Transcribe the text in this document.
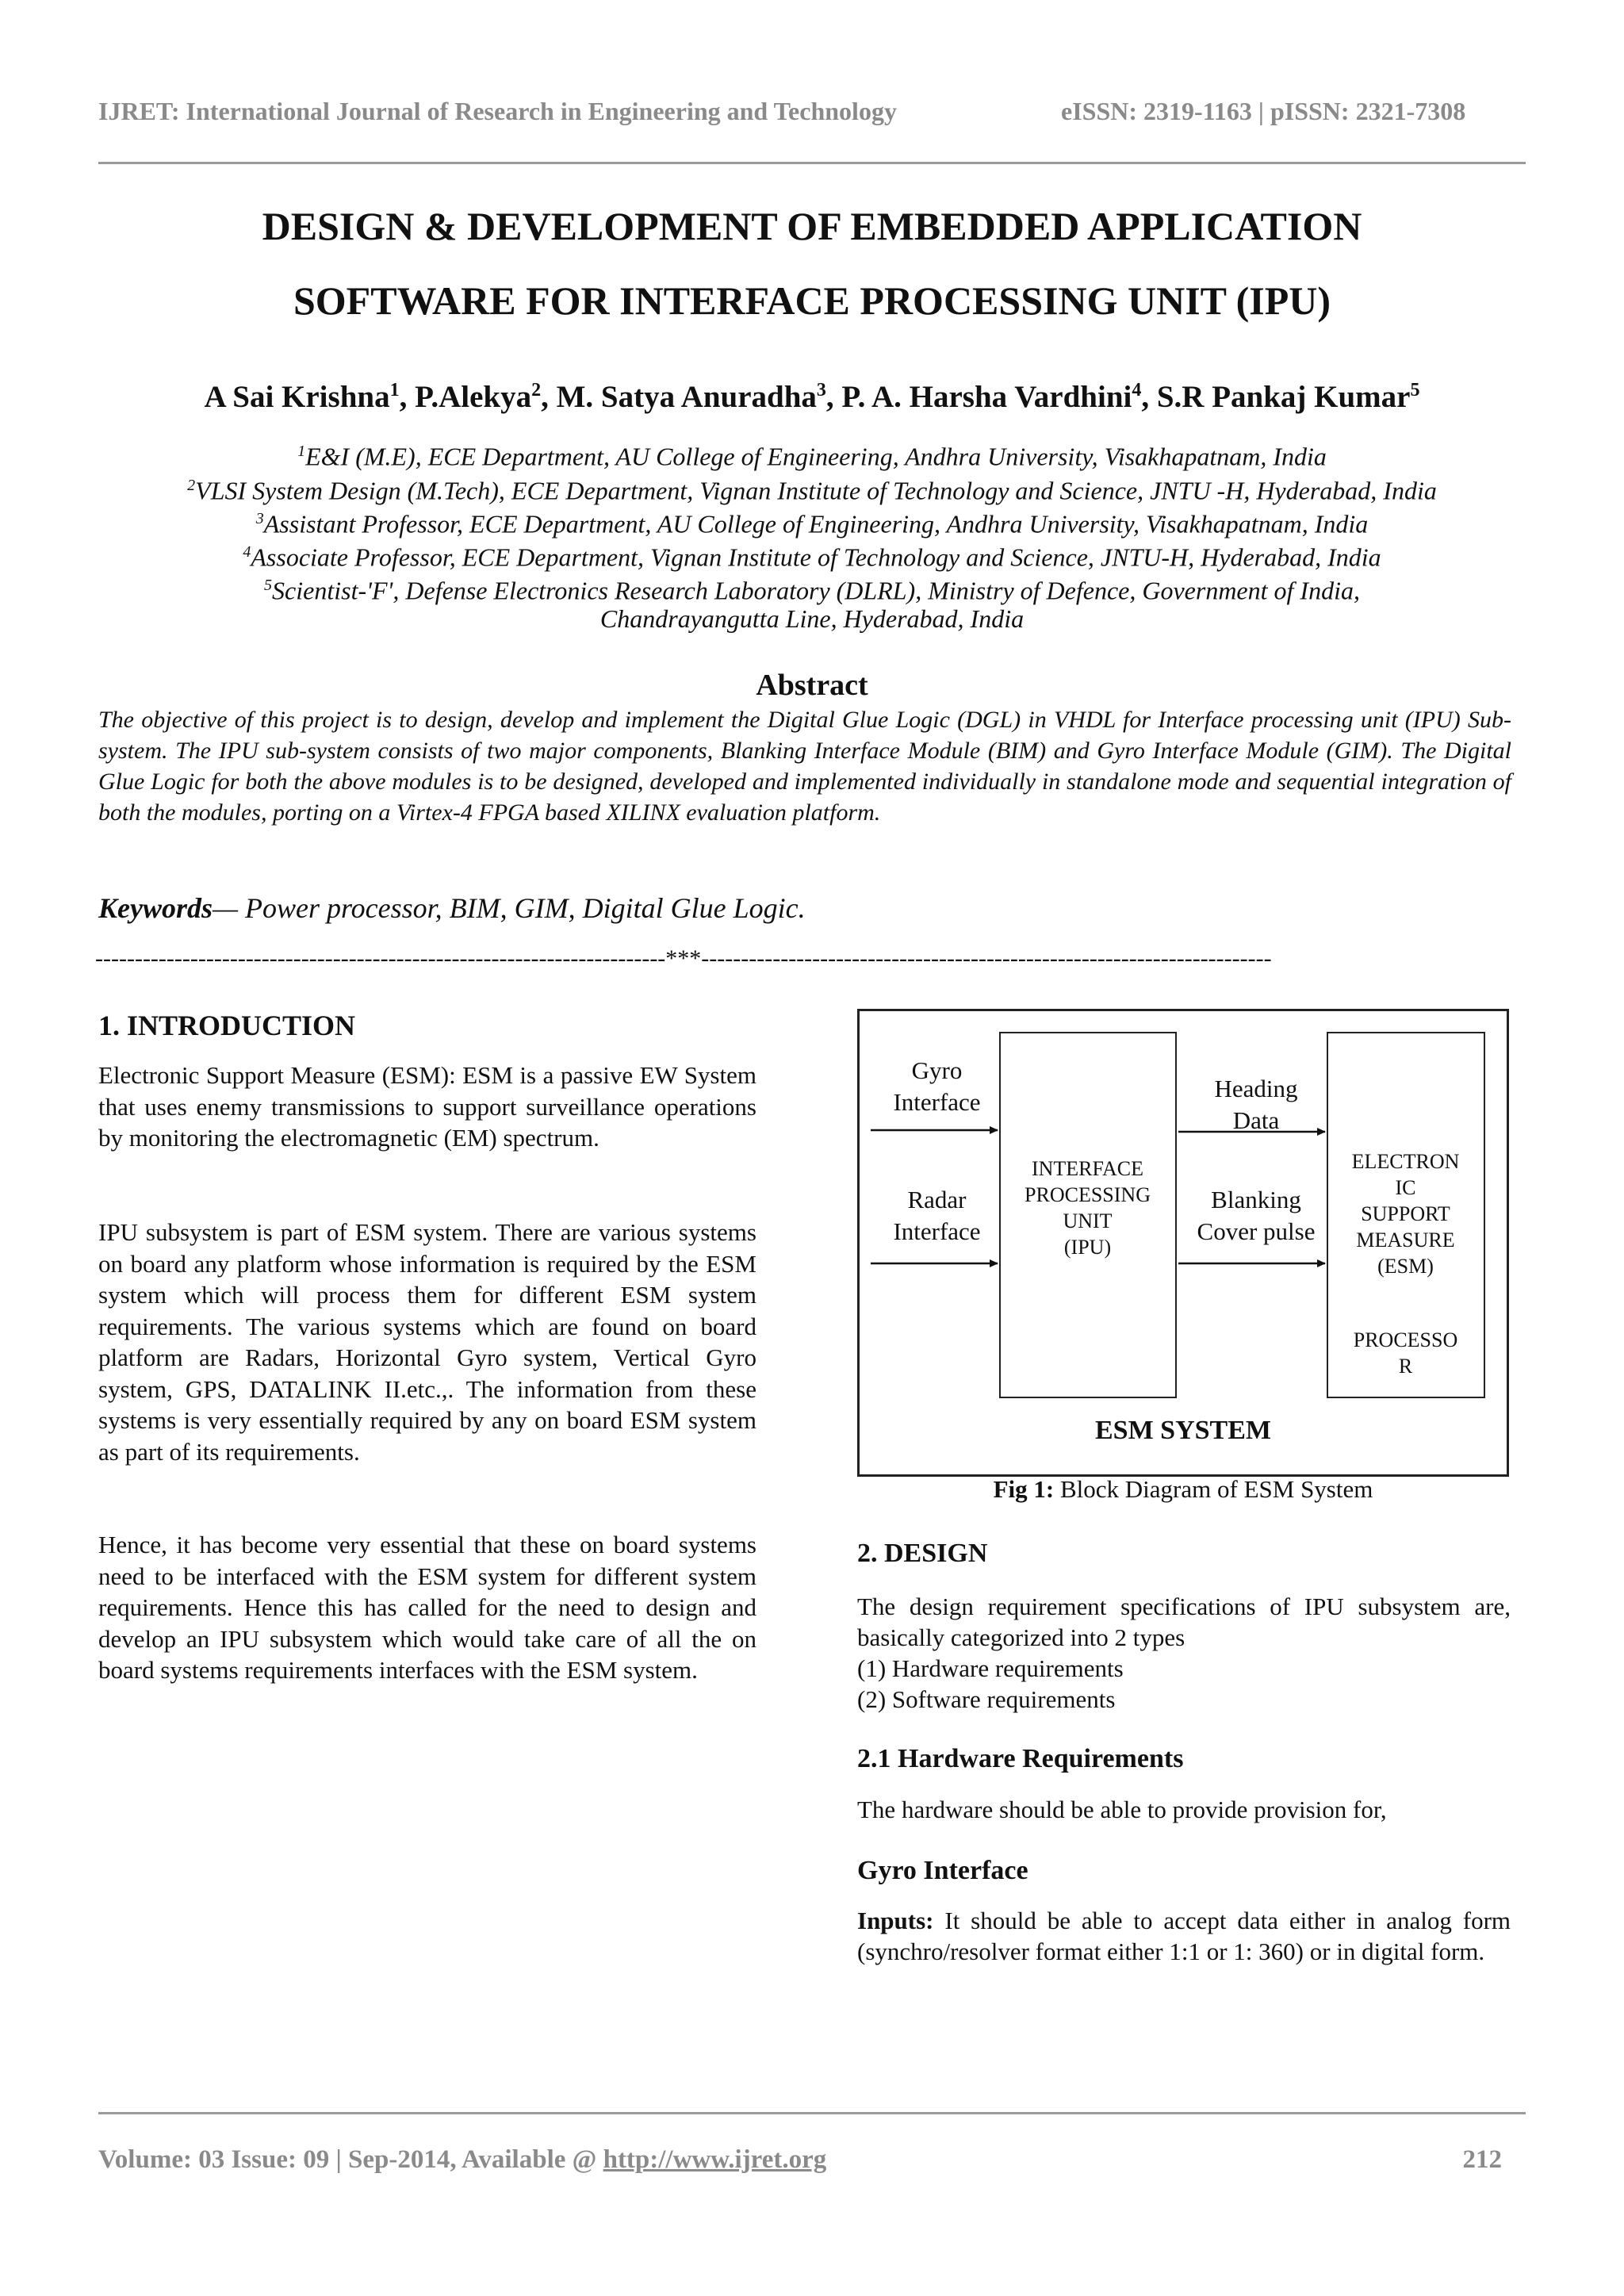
IJRET: International Journal of Research in Engineering and Technology	eISSN: 2319-1163 | pISSN: 2321-7308
DESIGN & DEVELOPMENT OF EMBEDDED APPLICATION
SOFTWARE FOR INTERFACE PROCESSING UNIT (IPU)
A Sai Krishna$^1$, P.Alekya$^2$, M. Satya Anuradha$^3$, P. A. Harsha Vardhini$^4$, S.R Pankaj Kumar$^5$
$^1$E&I (M.E), ECE Department, AU College of Engineering, Andhra University, Visakhapatnam, India
$^2$VLSI System Design (M.Tech), ECE Department, Vignan Institute of Technology and Science, JNTU -H, Hyderabad, India
$^3$Assistant Professor, ECE Department, AU College of Engineering, Andhra University, Visakhapatnam, India
$^4$Associate Professor, ECE Department, Vignan Institute of Technology and Science, JNTU-H, Hyderabad, India
$^5$Scientist-'F', Defense Electronics Research Laboratory (DLRL), Ministry of Defence, Government of India,
Chandrayangutta Line, Hyderabad, India
Abstract
The objective of this project is to design, develop and implement the Digital Glue Logic (DGL) in VHDL for Interface processing unit (IPU) Sub-system. The IPU sub-system consists of two major components, Blanking Interface Module (BIM) and Gyro Interface Module (GIM). The Digital Glue Logic for both the above modules is to be designed, developed and implemented individually in standalone mode and sequential integration of both the modules, porting on a Virtex-4 FPGA based XILINX evaluation platform.
Keywords— Power processor, BIM, GIM, Digital Glue Logic.
------------------------------------------------------------------------***------------------------------------------------------------------------
1. INTRODUCTION
Electronic Support Measure (ESM): ESM is a passive EW System that uses enemy transmissions to support surveillance operations by monitoring the electromagnetic (EM) spectrum.
IPU subsystem is part of ESM system. There are various systems on board any platform whose information is required by the ESM system which will process them for different ESM system requirements. The various systems which are found on board platform are Radars, Horizontal Gyro system, Vertical Gyro system, GPS, DATALINK II.etc.,. The information from these systems is very essentially required by any on board ESM system as part of its requirements.
Hence, it has become very essential that these on board systems need to be interfaced with the ESM system for different system requirements. Hence this has called for the need to design and develop an IPU subsystem which would take care of all the on board systems requirements interfaces with the ESM system.
Gyro
Interface
Radar
Interface
INTERFACE
PROCESSING
UNIT
(IPU)
Heading
Data
Blanking
Cover pulse
ELECTRON
IC
SUPPORT
MEASURE
(ESM)
PROCESSO
R
ESM SYSTEM
Fig 1: Block Diagram of ESM System
2. DESIGN
The design requirement specifications of IPU subsystem are, basically categorized into 2 types
(1) Hardware requirements
(2) Software requirements
2.1 Hardware Requirements
The hardware should be able to provide provision for,
Gyro Interface
Inputs: It should be able to accept data either in analog form (synchro/resolver format either 1:1 or 1: 360) or in digital form.
Volume: 03 Issue: 09 | Sep-2014, Available @ http://www.ijret.org	212
